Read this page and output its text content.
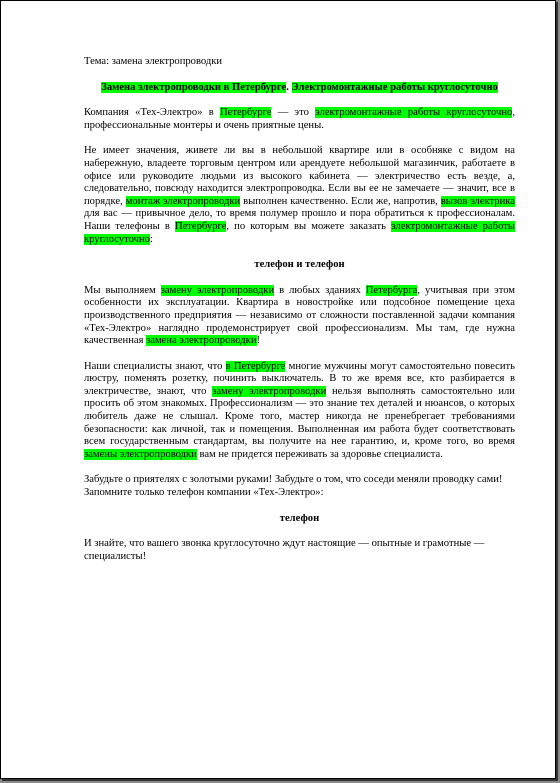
Тема: замена электропроводки

Замена электропроводки в Петербурге. Электромонтажные работы круглосуточно

Компания «Тех-Электро» в Петербурге — это электромонтажные работы круглосуточно, профессиональные монтеры и очень приятные цены.

Не имеет значения, живете ли вы в небольшой квартире или в особняке с видом на набережную, владеете торговым центром или арендуете небольшой магазинчик, работаете в офисе или руководите людьми из высокого кабинета — электричество есть везде, а, следовательно, повсюду находится электропроводка. Если вы ее не замечаете — значит, все в порядке, монтаж электропроводки выполнен качественно. Если же, напротив, вызов электрика для вас — привычное дело, то время полумер прошло и пора обратиться к профессионалам. Наши телефоны в Петербурге, по которым вы можете заказать электромонтажные работы круглосуточно:

телефон и телефон

Мы выполняем замену электропроводки в любых зданиях Петербурга, учитывая при этом особенности их эксплуатации. Квартира в новостройке или подсобное помещение цеха производственного предприятия — независимо от сложности поставленной задачи компания «Тех-Электро» наглядно продемонстрирует свой профессионализм. Мы там, где нужна качественная замена электропроводки!

Наши специалисты знают, что в Петербурге многие мужчины могут самостоятельно повесить люстру, поменять розетку, починить выключатель. В то же время все, кто разбирается в электричестве, знают, что замену электропроводки нельзя выполнять самостоятельно или просить об этом знакомых. Профессионализм — это знание тех деталей и нюансов, о которых любитель даже не слышал. Кроме того, мастер никогда не пренебрегает требованиями безопасности: как личной, так и помещения. Выполненная им работа будет соответствовать всем государственным стандартам, вы получите на нее гарантию, и, кроме того, во время замены электропроводки вам не придется переживать за здоровье специалиста.

Забудьте о приятелях с золотыми руками! Забудьте о том, что соседи меняли проводку сами! Запомните только телефон компании «Тех-Электро»:

телефон

И знайте, что вашего звонка круглосуточно ждут настоящие — опытные и грамотные — специалисты!
